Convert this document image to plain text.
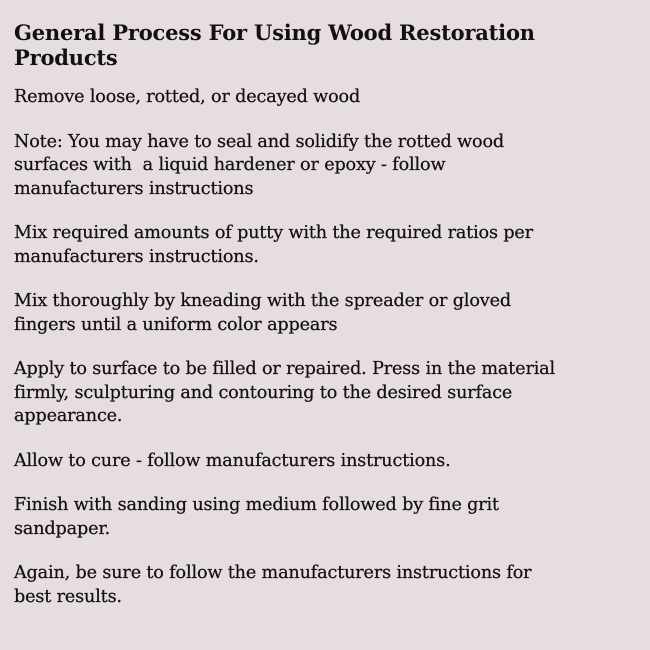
General Process For Using Wood Restoration
Products

Remove loose, rotted, or decayed wood

Note: You may have to seal and solidify the rotted wood
surfaces with  a liquid hardener or epoxy - follow
manufacturers instructions

Mix required amounts of putty with the required ratios per
manufacturers instructions.

Mix thoroughly by kneading with the spreader or gloved
fingers until a uniform color appears

Apply to surface to be filled or repaired. Press in the material
firmly, sculpturing and contouring to the desired surface
appearance.

Allow to cure - follow manufacturers instructions.

Finish with sanding using medium followed by fine grit
sandpaper.

Again, be sure to follow the manufacturers instructions for
best results.
